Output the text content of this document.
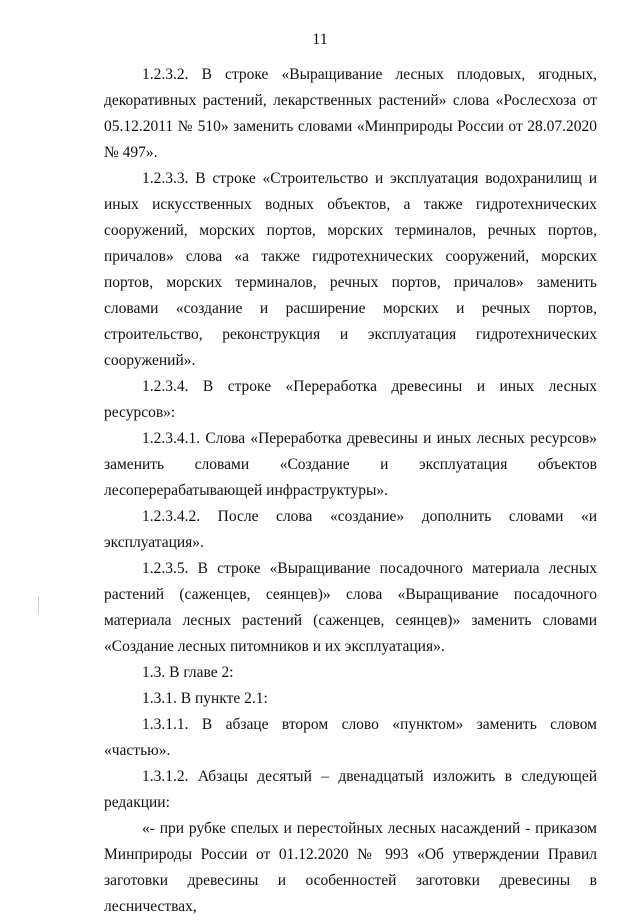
11

1.2.3.2. В строке «Выращивание лесных плодовых, ягодных, декоративных растений, лекарственных растений» слова «Рослесхоза от 05.12.2011 № 510» заменить словами «Минприроды России от 28.07.2020 № 497».

1.2.3.3. В строке «Строительство и эксплуатация водохранилищ и иных искусственных водных объектов, а также гидротехнических сооружений, морских портов, морских терминалов, речных портов, причалов» слова «а также гидротехнических сооружений, морских портов, морских терминалов, речных портов, причалов» заменить словами «создание и расширение морских и речных портов, строительство, реконструкция и эксплуатация гидротехнических сооружений».

1.2.3.4. В строке «Переработка древесины и иных лесных ресурсов»:

1.2.3.4.1. Слова «Переработка древесины и иных лесных ресурсов» заменить словами «Создание и эксплуатация объектов лесоперерабатывающей инфраструктуры».

1.2.3.4.2. После слова «создание» дополнить словами «и эксплуатация».

1.2.3.5. В строке «Выращивание посадочного материала лесных растений (саженцев, сеянцев)» слова «Выращивание посадочного материала лесных растений (саженцев, сеянцев)» заменить словами «Создание лесных питомников и их эксплуатация».

1.3. В главе 2:

1.3.1. В пункте 2.1:

1.3.1.1. В абзаце втором слово «пунктом» заменить словом «частью».

1.3.1.2. Абзацы десятый – двенадцатый изложить в следующей редакции:

«- при рубке спелых и перестойных лесных насаждений - приказом Минприроды России от 01.12.2020 № 993 «Об утверждении Правил заготовки древесины и особенностей заготовки древесины в лесничествах,
